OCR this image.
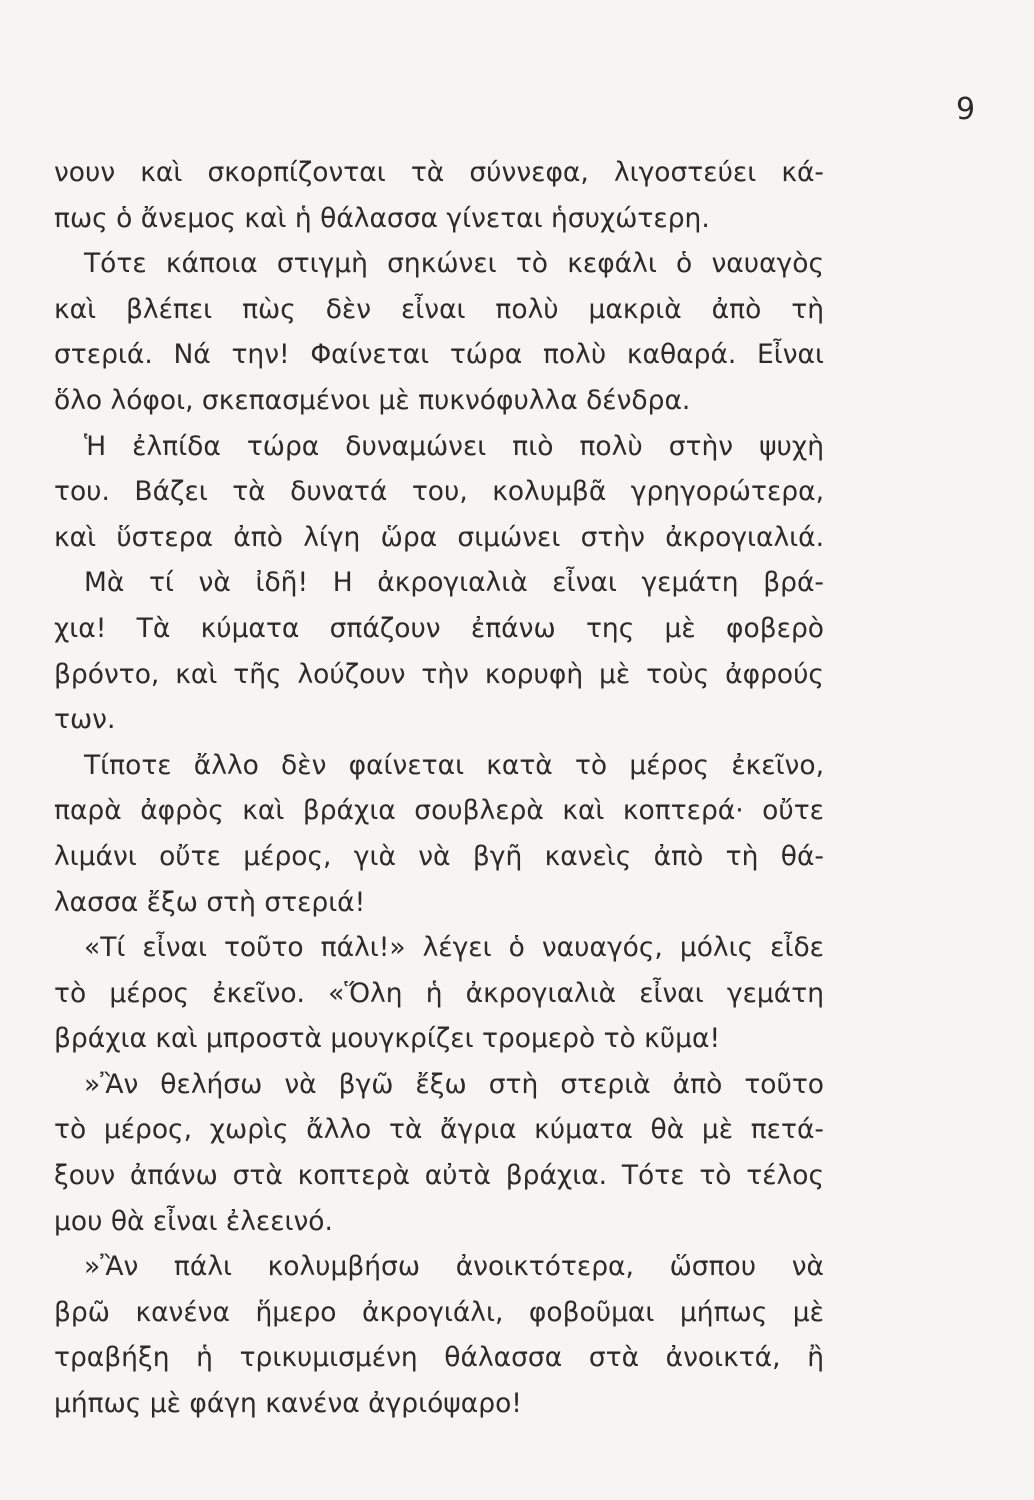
9
νουν καὶ σκορπίζονται τὰ σύννεφα, λιγοστεύει κά-
πως ὁ ἄνεμος καὶ ἡ θάλασσα γίνεται ἡσυχώτερη.
Τότε κάποια στιγμὴ σηκώνει τὸ κεφάλι ὁ ναυαγὸς
καὶ βλέπει πὼς δὲν εἶναι πολὺ μακριὰ ἀπὸ τὴ
στεριά. Νά την! Φαίνεται τώρα πολὺ καθαρά. Εἶναι
ὅλο λόφοι, σκεπασμένοι μὲ πυκνόφυλλα δένδρα.
Ἡ ἐλπίδα τώρα δυναμώνει πιὸ πολὺ στὴν ψυχὴ
του. Βάζει τὰ δυνατά του, κολυμβᾶ γρηγορώτερα,
καὶ ὕστερα ἀπὸ λίγη ὥρα σιμώνει στὴν ἀκρογιαλιά.
Μὰ τί νὰ ἰδῆ! Η ἀκρογιαλιὰ εἶναι γεμάτη βρά-
χια! Τὰ κύματα σπάζουν ἐπάνω της μὲ φοβερὸ
βρόντο, καὶ τῆς λούζουν τὴν κορυφὴ μὲ τοὺς ἀφρούς
των.
Τίποτε ἄλλο δὲν φαίνεται κατὰ τὸ μέρος ἐκεῖνο,
παρὰ ἀφρὸς καὶ βράχια σουβλερὰ καὶ κοπτερά· οὔτε
λιμάνι οὔτε μέρος, γιὰ νὰ βγῆ κανεὶς ἀπὸ τὴ θά-
λασσα ἔξω στὴ στεριά!
«Τί εἶναι τοῦτο πάλι!» λέγει ὁ ναυαγός, μόλις εἶδε
τὸ μέρος ἐκεῖνο. «Ὅλη ἡ ἀκρογιαλιὰ εἶναι γεμάτη
βράχια καὶ μπροστὰ μουγκρίζει τρομερὸ τὸ κῦμα!
»Ἂν θελήσω νὰ βγῶ ἔξω στὴ στεριὰ ἀπὸ τοῦτο
τὸ μέρος, χωρὶς ἄλλο τὰ ἄγρια κύματα θὰ μὲ πετά-
ξουν ἀπάνω στὰ κοπτερὰ αὐτὰ βράχια. Τότε τὸ τέλος
μου θὰ εἶναι ἐλεεινό.
»Ἂν πάλι κολυμβήσω ἀνοικτότερα, ὥσπου νὰ
βρῶ κανένα ἥμερο ἀκρογιάλι, φοβοῦμαι μήπως μὲ
τραβήξη ἡ τρικυμισμένη θάλασσα στὰ ἀνοικτά, ἢ
μήπως μὲ φάγη κανένα ἀγριόψαρο!
